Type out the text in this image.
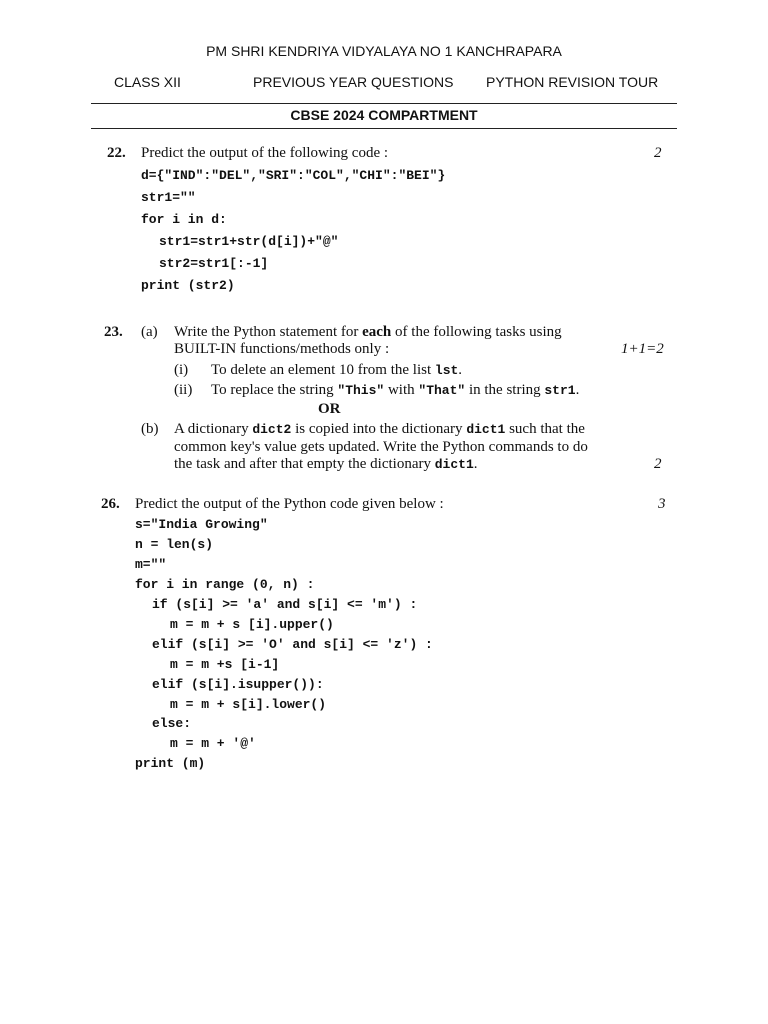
PM SHRI KENDRIYA VIDYALAYA NO 1 KANCHRAPARA
CLASS XII	PREVIOUS YEAR QUESTIONS PYTHON REVISION TOUR
CBSE 2024 COMPARTMENT
22. Predict the output of the following code :	2
d={"IND":"DEL","SRI":"COL","CHI":"BEI"}
str1=""
for i in d:
str1=str1+str(d[i])+"@"
str2=str1[:-1]
print (str2)
23. (a) Write the Python statement for each of the following tasks using
BUILT-IN functions/methods only :	1+1=2
(i) To delete an element 10 from the list lst.
(ii) To replace the string "This" with "That" in the string str1.
OR
(b) A dictionary dict2 is copied into the dictionary dict1 such that the
common key's value gets updated. Write the Python commands to do
the task and after that empty the dictionary dict1.	2
26. Predict the output of the Python code given below :	3
s="India Growing"
n = len(s)
m=""
for i in range (0, n) :
if (s[i] >= 'a' and s[i] <= 'm') :
m = m + s [i].upper()
elif (s[i] >= 'O' and s[i] <= 'z') :
m = m +s [i-1]
elif (s[i].isupper()):
m = m + s[i].lower()
else:
m = m + '@'
print (m)
